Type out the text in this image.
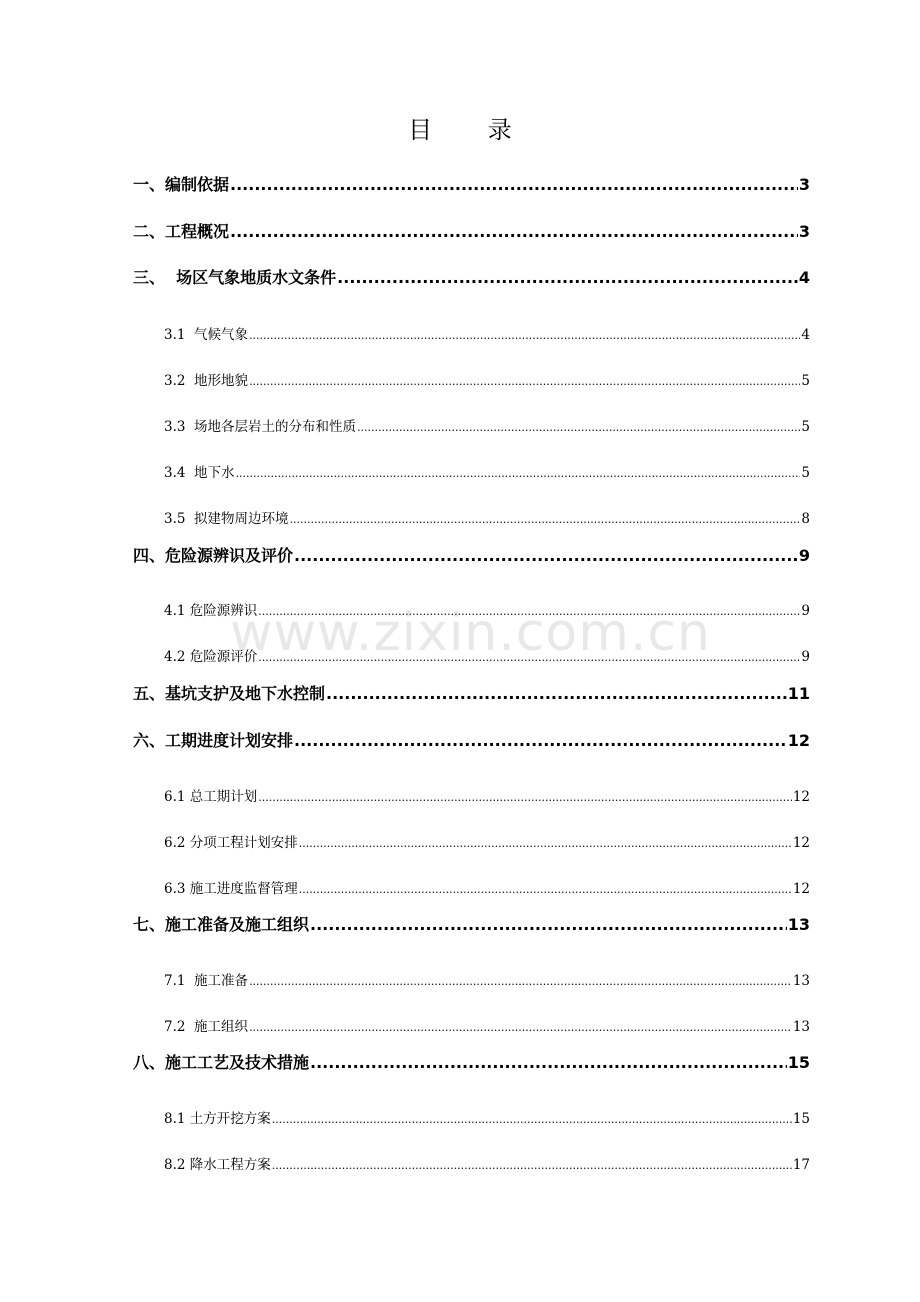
目 录
一、编制依据 .....	3
二、工程概况 .....	3
三、  场区气象地质水文条件 .....	4
3.1  气候气象 .....	4
3.2  地形地貌 .....	5
3.3  场地各层岩土的分布和性质 .....	5
3.4  地下水 .....	5
3.5  拟建物周边环境 .....	8
四、危险源辨识及评价 .....	9
4.1 危险源辨识 .....	9
4.2 危险源评价 .....	9
五、基坑支护及地下水控制 .....	11
六、工期进度计划安排 .....	12
6.1 总工期计划 .....	12
6.2 分项工程计划安排 .....	12
6.3 施工进度监督管理 .....	12
七、施工准备及施工组织 .....	13
7.1  施工准备 .....	13
7.2  施工组织 .....	13
八、施工工艺及技术措施 .....	15
8.1 土方开挖方案 .....	15
8.2 降水工程方案 .....	17
www.zixin.com.cn
